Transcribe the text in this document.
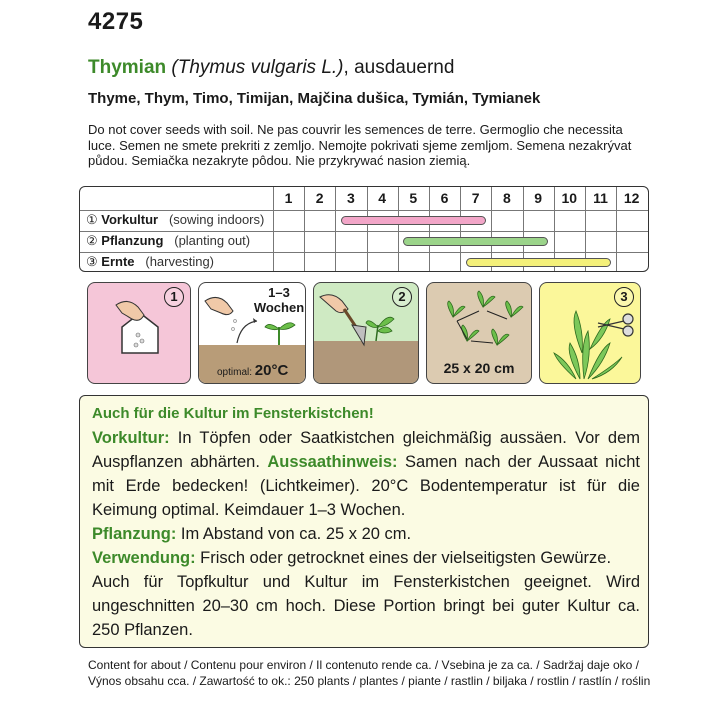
4275
Thymian (Thymus vulgaris L.), ausdauernd
Thyme, Thym, Timo, Timijan, Majčina dušica, Tymián, Tymianek
Do not cover seeds with soil. Ne pas couvrir les semences de terre. Germoglio che necessita luce. Semen ne smete prekriti z zemljo. Nemojte pokrivati sjeme zemljom. Semena nezakrývat půdou. Semiačka nezakryte pôdou. Nie przykrywać nasion ziemią.
1	2	3	4	5	6	7	8	9	10	11	12
① Vorkultur (sowing indoors)
② Pflanzung (planting out)
③ Ernte (harvesting)
1	1–3
Wochen
optimal: 20°C
2
25 x 20 cm
3
Auch für die Kultur im Fensterkistchen!
Vorkultur: In Töpfen oder Saatkistchen gleichmäßig aussäen. Vor dem Auspflanzen abhärten. Aussaathinweis: Samen nach der Aussaat nicht mit Erde bedecken! (Lichtkeimer). 20°C Bodentemperatur ist für die Keimung optimal. Keimdauer 1–3 Wochen.
Pflanzung: Im Abstand von ca. 25 x 20 cm.
Verwendung: Frisch oder getrocknet eines der vielseitigsten Gewürze.
Auch für Topfkultur und Kultur im Fensterkistchen geeignet. Wird ungeschnitten 20–30 cm hoch. Diese Portion bringt bei guter Kultur ca. 250 Pflanzen.
Content for about / Contenu pour environ / Il contenuto rende ca. / Vsebina je za ca. / Sadržaj daje oko /
Výnos obsahu cca. / Zawartość to ok.: 250 plants / plantes / piante / rastlin / biljaka / rostlin / rastlín / roślin
